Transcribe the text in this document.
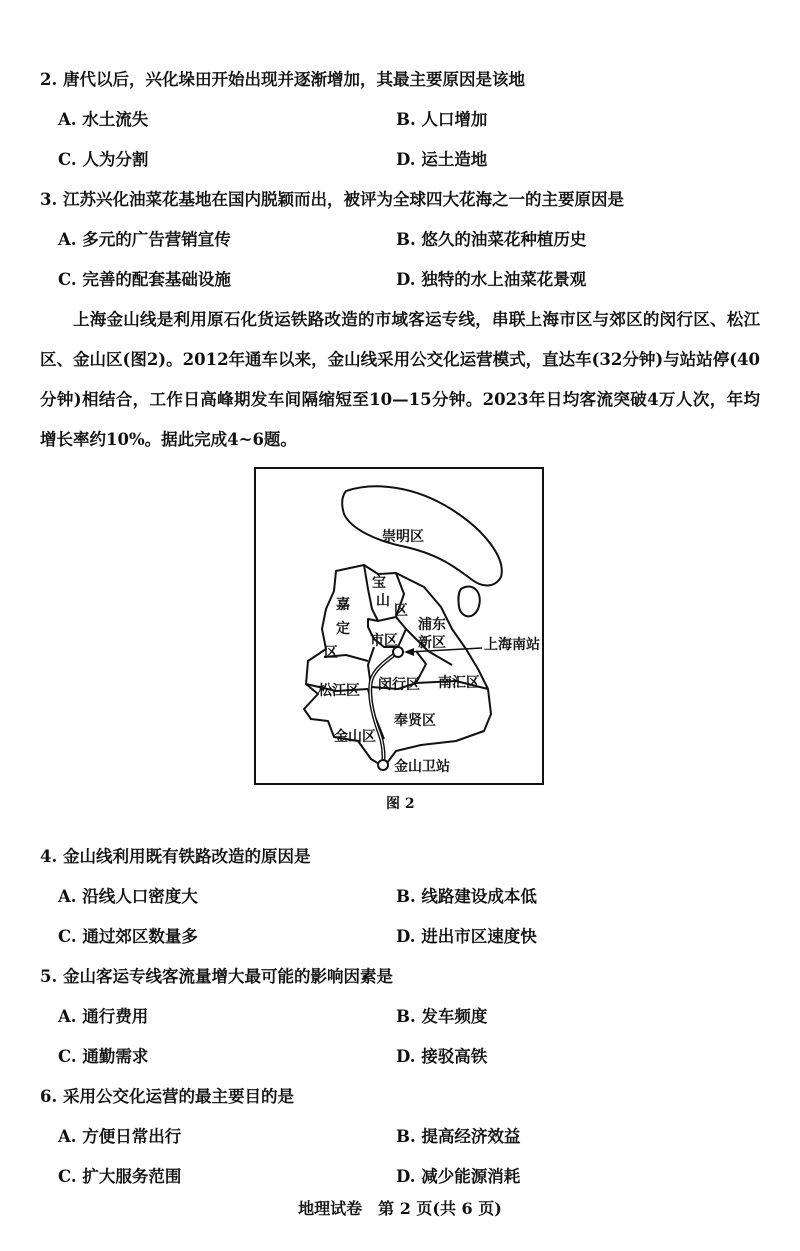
2. 唐代以后，兴化垛田开始出现并逐渐增加，其最主要原因是该地
A. 水土流失	B. 人口增加
C. 人为分割	D. 运土造地
3. 江苏兴化油菜花基地在国内脱颖而出，被评为全球四大花海之一的主要原因是
A. 多元的广告营销宣传	B. 悠久的油菜花种植历史
C. 完善的配套基础设施	D. 独特的水上油菜花景观

上海金山线是利用原石化货运铁路改造的市域客运专线，串联上海市区与郊区的闵行区、松江区、金山区(图2)。2012年通车以来，金山线采用公交化运营模式，直达车(32分钟)与站站停(40分钟)相结合，工作日高峰期发车间隔缩短至10—15分钟。2023年日均客流突破4万人次，年均增长率约10%。据此完成4~6题。

崇明区
宝
山
区
嘉
定
区
市区
浦东
新区
松江区 闵行区 南汇区
奉贤区
金山区
上海南站
金山卫站
图 2
4. 金山线利用既有铁路改造的原因是
A. 沿线人口密度大	B. 线路建设成本低
C. 通过郊区数量多	D. 进出市区速度快
5. 金山客运专线客流量增大最可能的影响因素是
A. 通行费用	B. 发车频度
C. 通勤需求	D. 接驳高铁
6. 采用公交化运营的最主要目的是
A. 方便日常出行	B. 提高经济效益
C. 扩大服务范围	D. 减少能源消耗
地理试卷　第 2 页(共 6 页)
